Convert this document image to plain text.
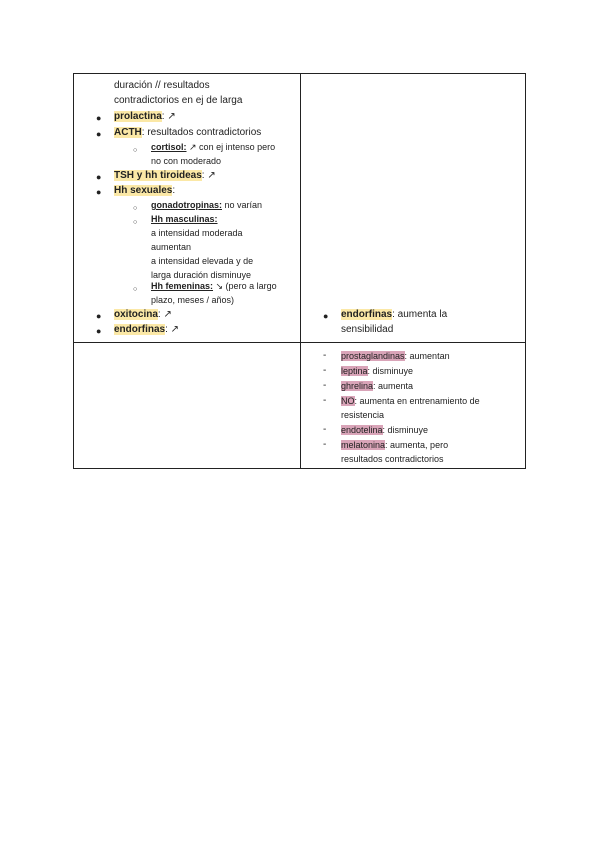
duración // resultados
contradictorios en ej de larga
● prolactina: ↗
● ACTH: resultados contradictorios
○ cortisol: ↗ con ej intenso pero
no con moderado
● TSH y hh tiroideas: ↗
● Hh sexuales:
○ gonadotropinas: no varían
○ Hh masculinas:
a intensidad moderada
aumentan
a intensidad elevada y de
larga duración disminuye
○ Hh femeninas: ↘ (pero a largo
plazo, meses / años)
● oxitocina: ↗
● endorfinas: ↗
● endorfinas: aumenta la
sensibilidad
- prostaglandinas: aumentan
- leptina: disminuye
- ghrelina: aumenta
- NO: aumenta en entrenamiento de
resistencia
- endotelina: disminuye
- melatonina: aumenta, pero
resultados contradictorios
